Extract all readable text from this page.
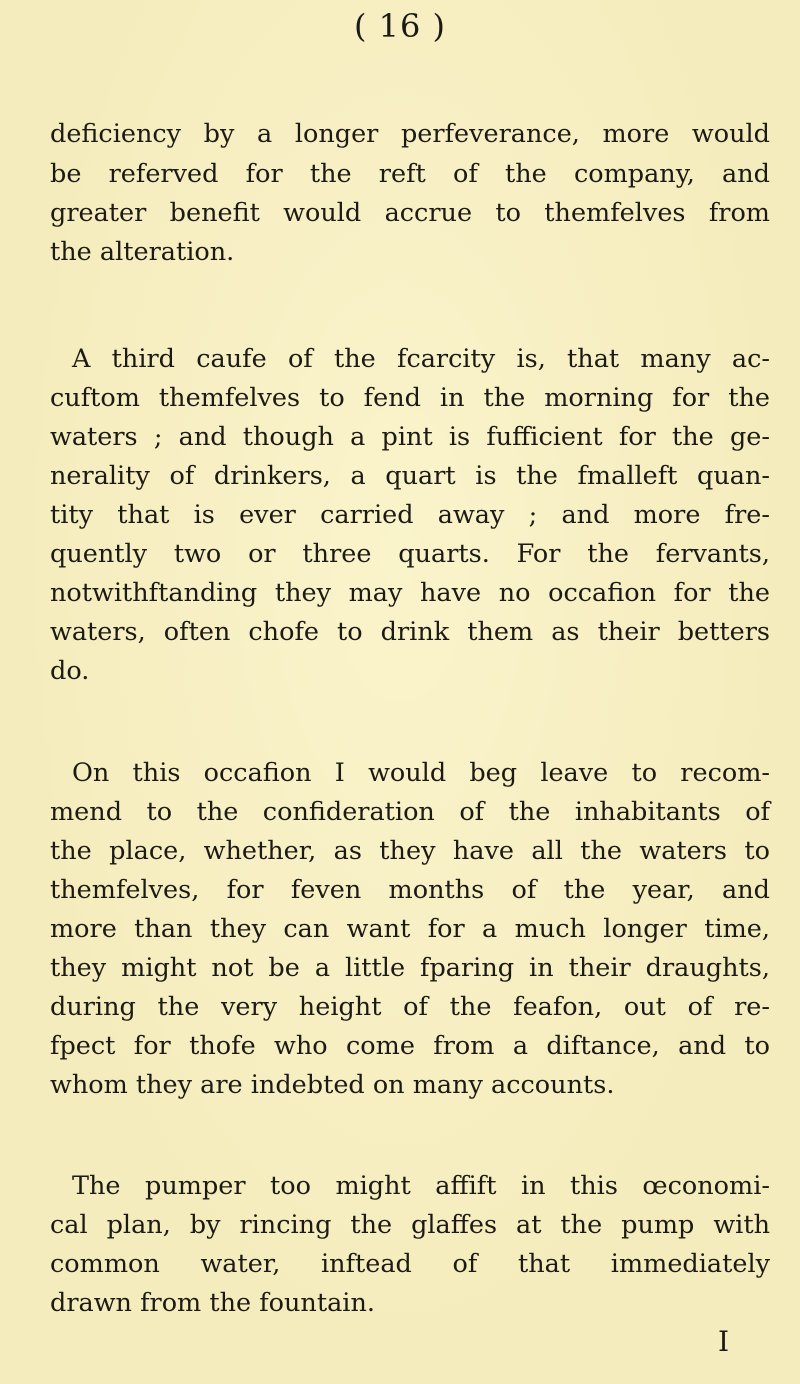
( 16 )
deficiency by a longer perfeverance, more would
be referved for the reft of the company, and
greater benefit would accrue to themfelves from
the alteration.
A third caufe of the fcarcity is, that many ac-
cuftom themfelves to fend in the morning for the
waters ; and though a pint is fufficient for the ge-
nerality of drinkers, a quart is the fmalleft quan-
tity that is ever carried away ; and more fre-
quently two or three quarts. For the fervants,
notwithftanding they may have no occafion for the
waters, often chofe to drink them as their betters
do.
On this occafion I would beg leave to recom-
mend to the confideration of the inhabitants of
the place, whether, as they have all the waters to
themfelves, for feven months of the year, and
more than they can want for a much longer time,
they might not be a little fparing in their draughts,
during the very height of the feafon, out of re-
fpect for thofe who come from a diftance, and to
whom they are indebted on many accounts.
The pumper too might affift in this œconomi-
cal plan, by rincing the glaffes at the pump with
common water, inftead of that immediately
drawn from the fountain.
I
